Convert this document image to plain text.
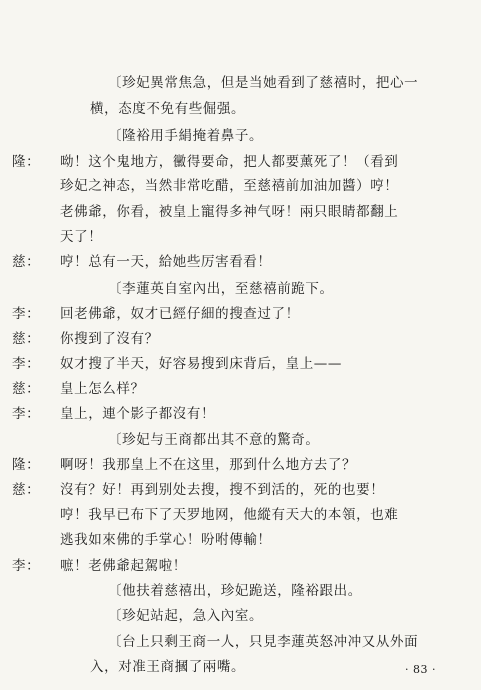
〔珍妃異常焦急，但是当她看到了慈禧时，把心一
横，态度不免有些倔强。
〔隆裕用手絹掩着鼻子。
隆： 呦！这个鬼地方，黴得要命，把人都要薰死了！（看到
珍妃之神态，当然非常吃醋，至慈禧前加油加醬）哼！
老佛爺，你看，被皇上寵得多神气呀！兩只眼睛都翻上
天了！
慈： 哼！总有一天，給她些厉害看看！
〔李蓮英自室內出，至慈禧前跪下。
李： 回老佛爺，奴才已經仔細的搜查过了！
慈： 你搜到了沒有？
李： 奴才搜了半天，好容易搜到床背后，皇上——
慈： 皇上怎么样？
李： 皇上，連个影子都沒有！
〔珍妃与王商都出其不意的驚奇。
隆： 啊呀！我那皇上不在这里，那到什么地方去了？
慈： 沒有？好！再到别处去搜，搜不到活的，死的也要！
哼！我早已布下了天罗地网，他縱有天大的本領，也难
逃我如來佛的手掌心！吩咐傳輸！
李： 嗻！老佛爺起駕啦！
〔他扶着慈禧出，珍妃跪送，隆裕跟出。
〔珍妃站起，急入內室。
〔台上只剩王商一人，只見李蓮英怒冲冲又从外面
入，对准王商摑了兩嘴。	· 83 ·
